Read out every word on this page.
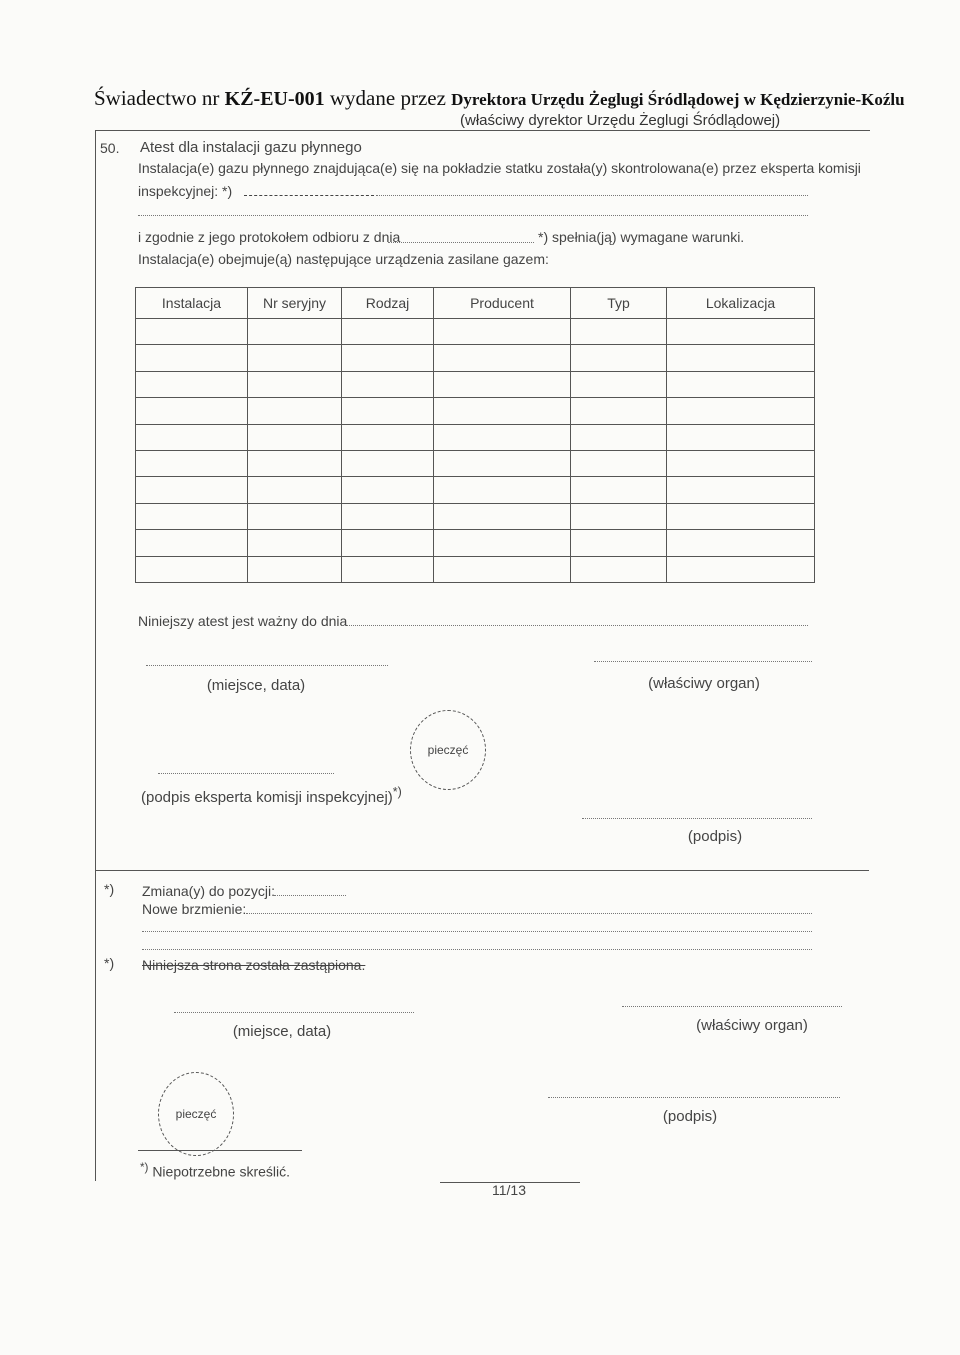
Świadectwo nr KŹ-EU-001 wydane przez Dyrektora Urzędu Żeglugi Śródlądowej w Kędzierzynie-Koźlu
(właściwy dyrektor Urzędu Żeglugi Śródlądowej)
50. Atest dla instalacji gazu płynnego
Instalacja(e) gazu płynnego znajdująca(e) się na pokładzie statku została(y) skontrolowana(e) przez eksperta komisji
inspekcyjnej: *)
i zgodnie z jego protokołem odbioru z dnia	*) spełnia(ją) wymagane warunki.
Instalacja(e) obejmuje(ą) następujące urządzenia zasilane gazem:
Instalacja	Nr seryjny	Rodzaj	Producent	Typ	Lokalizacja

Niniejszy atest jest ważny do dnia
(miejsce, data)	(właściwy organ)
pieczęć
(podpis eksperta komisji inspekcyjnej)*)
(podpis)
*) Zmiana(y) do pozycji:
Nowe brzmienie:
*) Niniejsza strona została zastąpiona.
(miejsce, data)	(właściwy organ)
pieczęć	(podpis)
*) Niepotrzebne skreślić.
11/13
